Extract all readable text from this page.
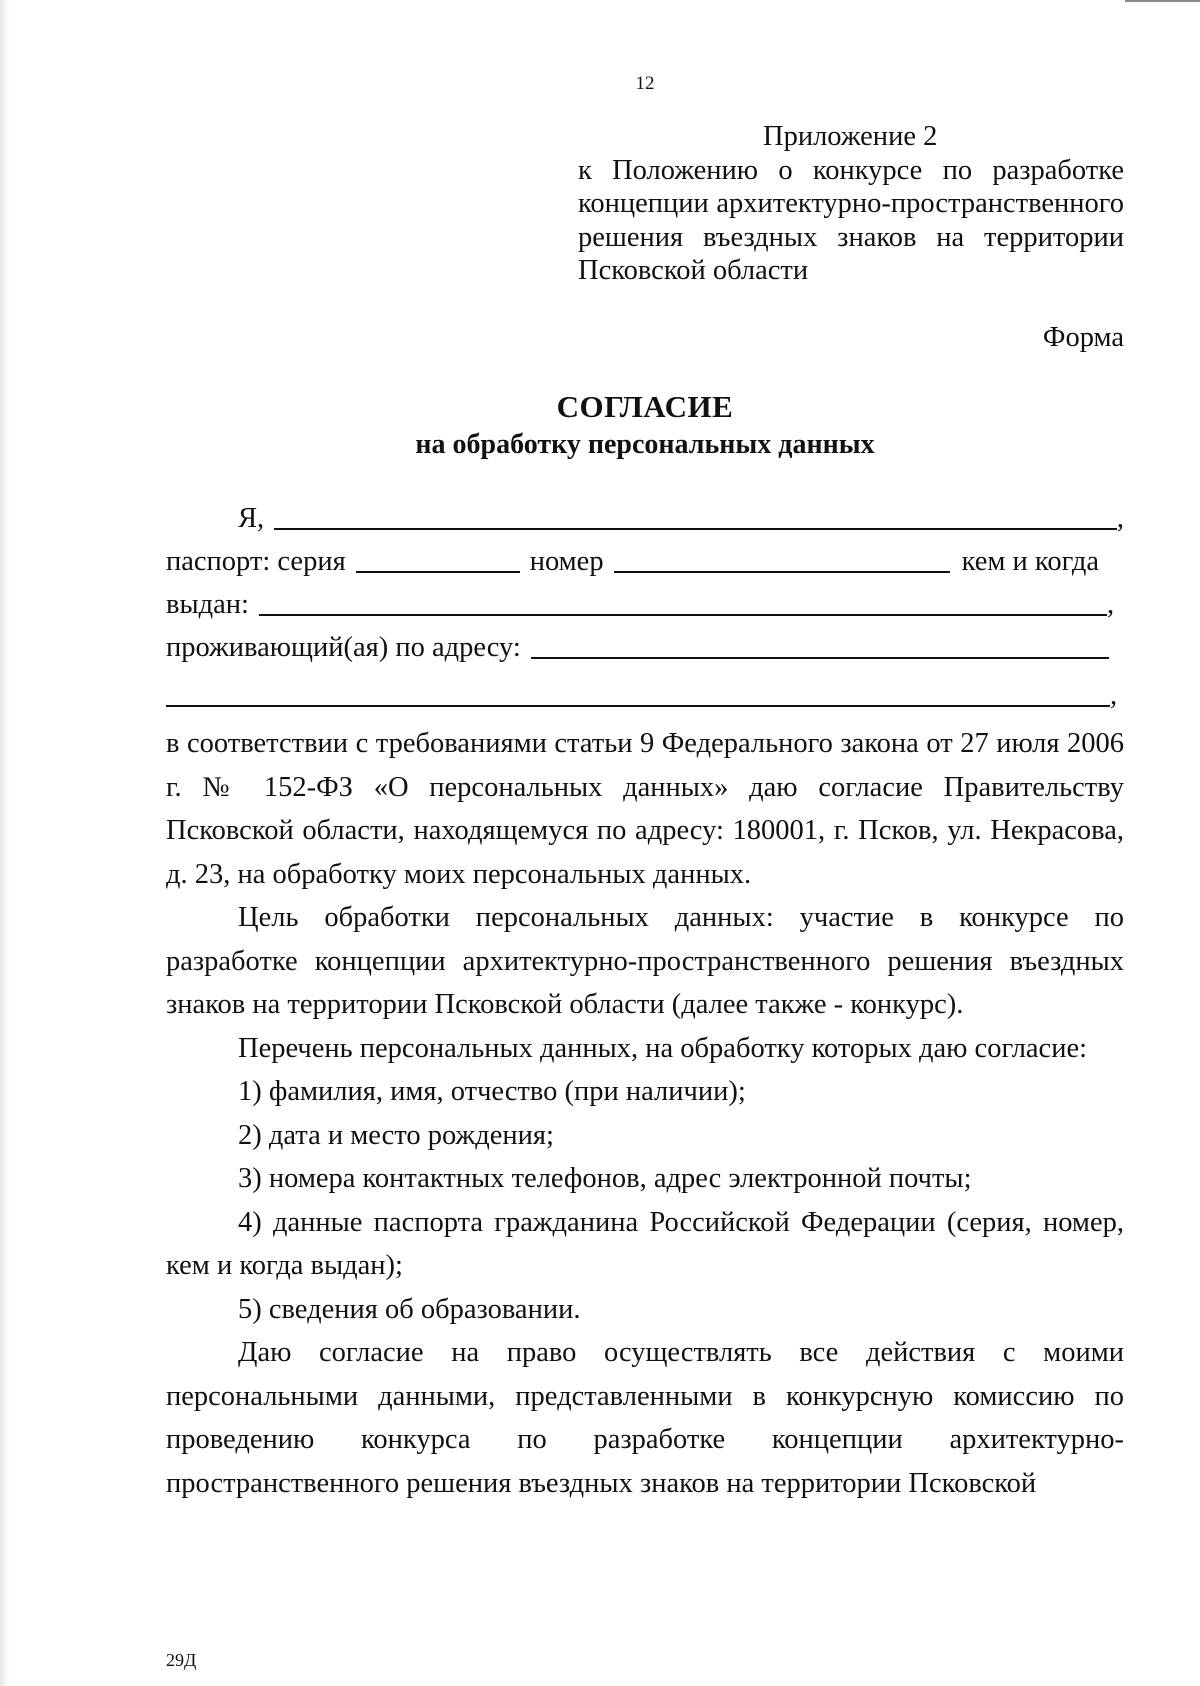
12
Приложение 2
к Положению о конкурсе по разработке
концепции архитектурно-пространственного
решения въездных знаков на территории
Псковской области
Форма
СОГЛАСИЕ
на обработку персональных данных
Я,	,
паспорт: серия	номер	кем и когда
выдан:	,
проживающий(ая) по адресу:
,

в соответствии с требованиями статьи 9 Федерального закона от 27 июля 2006 г. № 152-ФЗ «О персональных данных» даю согласие Правительству Псковской области, находящемуся по адресу: 180001, г. Псков, ул. Некрасова, д. 23, на обработку моих персональных данных.

Цель обработки персональных данных: участие в конкурсе по разработке концепции архитектурно-пространственного решения въездных знаков на территории Псковской области (далее также - конкурс).

Перечень персональных данных, на обработку которых даю согласие:

1) фамилия, имя, отчество (при наличии);

2) дата и место рождения;

3) номера контактных телефонов, адрес электронной почты;

4) данные паспорта гражданина Российской Федерации (серия, номер, кем и когда выдан);

5) сведения об образовании.

Даю согласие на право осуществлять все действия с моими персональными данными, представленными в конкурсную комиссию по проведению конкурса по разработке концепции архитектурно-пространственного решения въездных знаков на территории Псковской

29Д
